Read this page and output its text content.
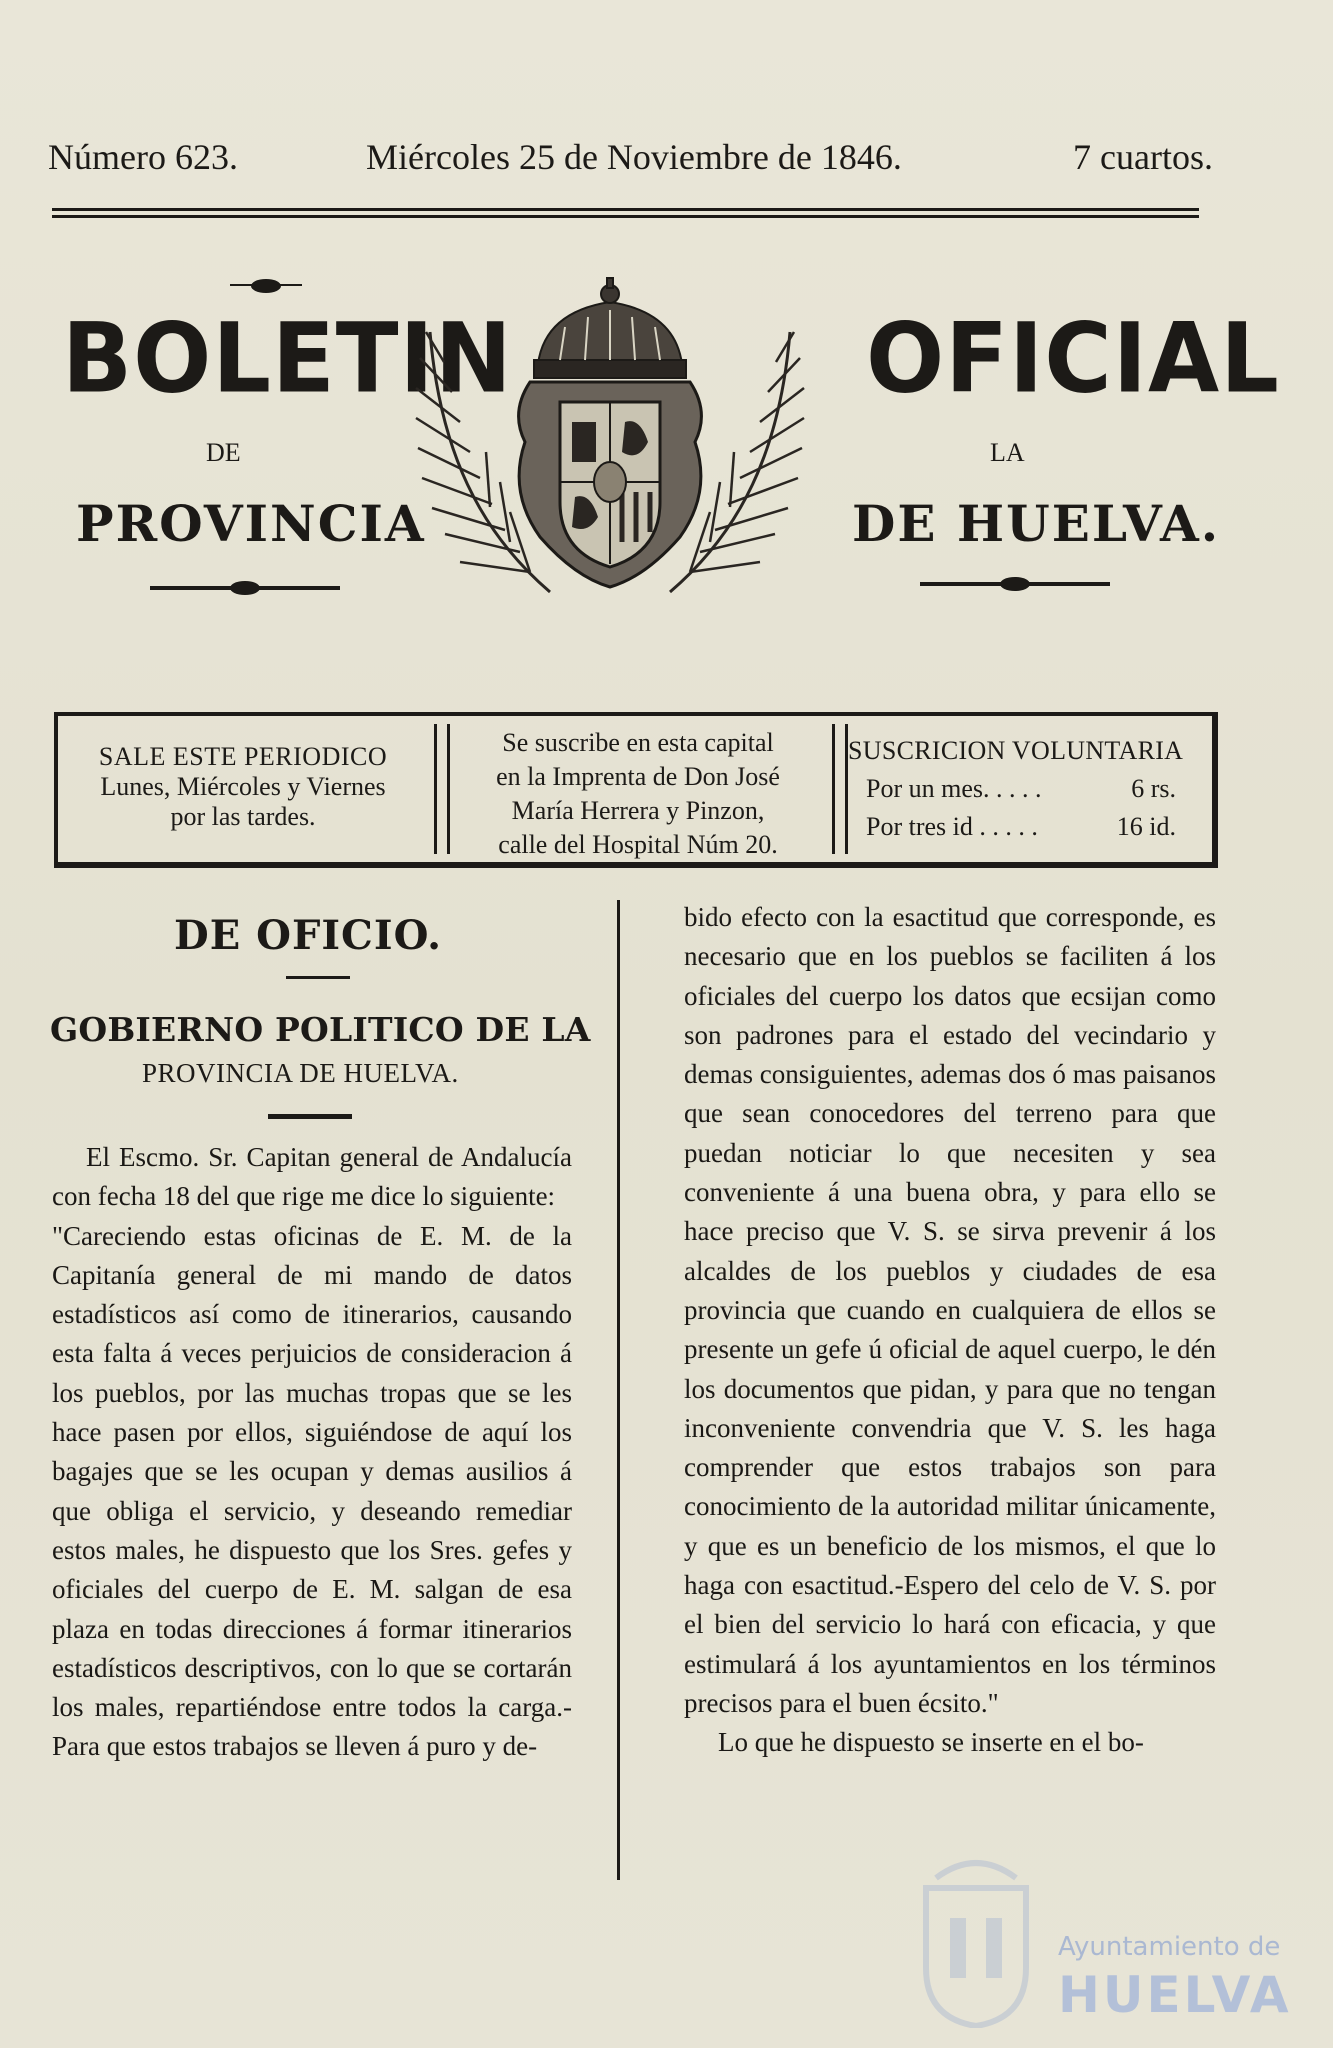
Número 623.	Miércoles 25 de Noviembre de 1846.	7 cuartos.
BOLETIN
DE
PROVINCIA
OFICIAL
LA
DE HUELVA.
SALE ESTE PERIODICO
Lunes, Miércoles y Viernes
por las tardes.
Se suscribe en esta capital
en la Imprenta de Don José
María Herrera y Pinzon,
calle del Hospital Núm 20.
SUSCRICION VOLUNTARIA
Por un mes. . . . .	6 rs.
Por tres id . . . . .	16 id.
DE OFICIO.
GOBIERNO POLITICO DE LA
PROVINCIA DE HUELVA.

El Escmo. Sr. Capitan general de Andalucía con fecha 18 del que rige me dice lo siguiente:

"Careciendo estas oficinas de E. M. de la Capitanía general de mi mando de datos estadísticos así como de itinerarios, causando esta falta á veces perjuicios de consideracion á los pueblos, por las muchas tropas que se les hace pasen por ellos, siguiéndose de aquí los bagajes que se les ocupan y demas ausilios á que obliga el servicio, y deseando remediar estos males, he dispuesto que los Sres. gefes y oficiales del cuerpo de E. M. salgan de esa plaza en todas direcciones á formar itinerarios estadísticos descriptivos, con lo que se cortarán los males, repartiéndose entre todos la carga.-Para que estos trabajos se lleven á puro y de-

bido efecto con la esactitud que corresponde, es necesario que en los pueblos se faciliten á los oficiales del cuerpo los datos que ecsijan como son padrones para el estado del vecindario y demas consiguientes, ademas dos ó mas paisanos que sean conocedores del terreno para que puedan noticiar lo que necesiten y sea conveniente á una buena obra, y para ello se hace preciso que V. S. se sirva prevenir á los alcaldes de los pueblos y ciudades de esa provincia que cuando en cualquiera de ellos se presente un gefe ú oficial de aquel cuerpo, le dén los documentos que pidan, y para que no tengan inconveniente convendria que V. S. les haga comprender que estos trabajos son para conocimiento de la autoridad militar únicamente, y que es un beneficio de los mismos, el que lo haga con esactitud.-Espero del celo de V. S. por el bien del servicio lo hará con eficacia, y que estimulará á los ayuntamientos en los términos precisos para el buen écsito."

Lo que he dispuesto se inserte en el bo-

Ayuntamiento de
HUELVA
